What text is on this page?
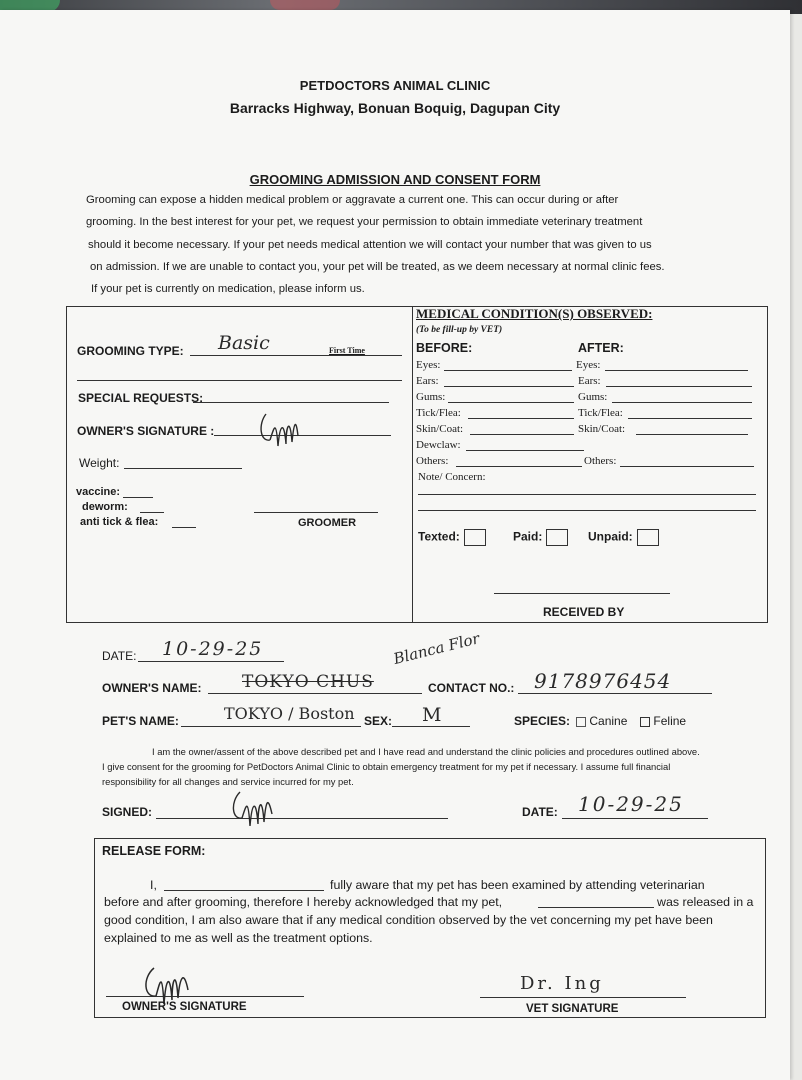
PETDOCTORS ANIMAL CLINIC
Barracks Highway, Bonuan Boquig, Dagupan City
GROOMING ADMISSION AND CONSENT FORM

Grooming can expose a hidden medical problem or aggravate a current one. This can occur during or after

grooming. In the best interest for your pet, we request your permission to obtain immediate veterinary treatment

should it become necessary. If your pet needs medical attention we will contact your number that was given to us

on admission. If we are unable to contact you, your pet will be treated, as we deem necessary at normal clinic fees.

If your pet is currently on medication, please inform us.

GROOMING TYPE: Basic	First Time
SPECIAL REQUESTS:
OWNER'S SIGNATURE :
Weight:
vaccine:
deworm:
anti tick & flea:	GROOMER
MEDICAL CONDITION(S) OBSERVED:
(To be fill-up by VET)
BEFORE:	AFTER:
Eyes:	Eyes:
Ears:	Ears:
Gums:	Gums:
Tick/Flea:	Tick/Flea:
Skin/Coat:	Skin/Coat:
Dewclaw:
Others:	Others:
Note/ Concern:
Texted:	Paid:	Unpaid:
RECEIVED BY
DATE: 10-29-25
OWNER'S NAME: TOKYO CHUS
Blanca Flor
CONTACT NO.: 9178976454
PET'S NAME:	TOKYO / Boston SEX: M	SPECIES: Canine Feline

I am the owner/assent of the above described pet and I have read and understand the clinic policies and procedures outlined above.

I give consent for the grooming for PetDoctors Animal Clinic to obtain emergency treatment for my pet if necessary. I assume full financial

responsibility for all changes and service incurred for my pet.

SIGNED:	DATE: 10-29-25
RELEASE FORM:

I,	fully aware that my pet has been examined by attending veterinarian

before and after grooming, therefore I hereby acknowledged that my pet,	was released in a

good condition, I am also aware that if any medical condition observed by the vet concerning my pet have been

explained to me as well as the treatment options.

OWNER'S SIGNATURE
Dr. Ing
VET SIGNATURE
